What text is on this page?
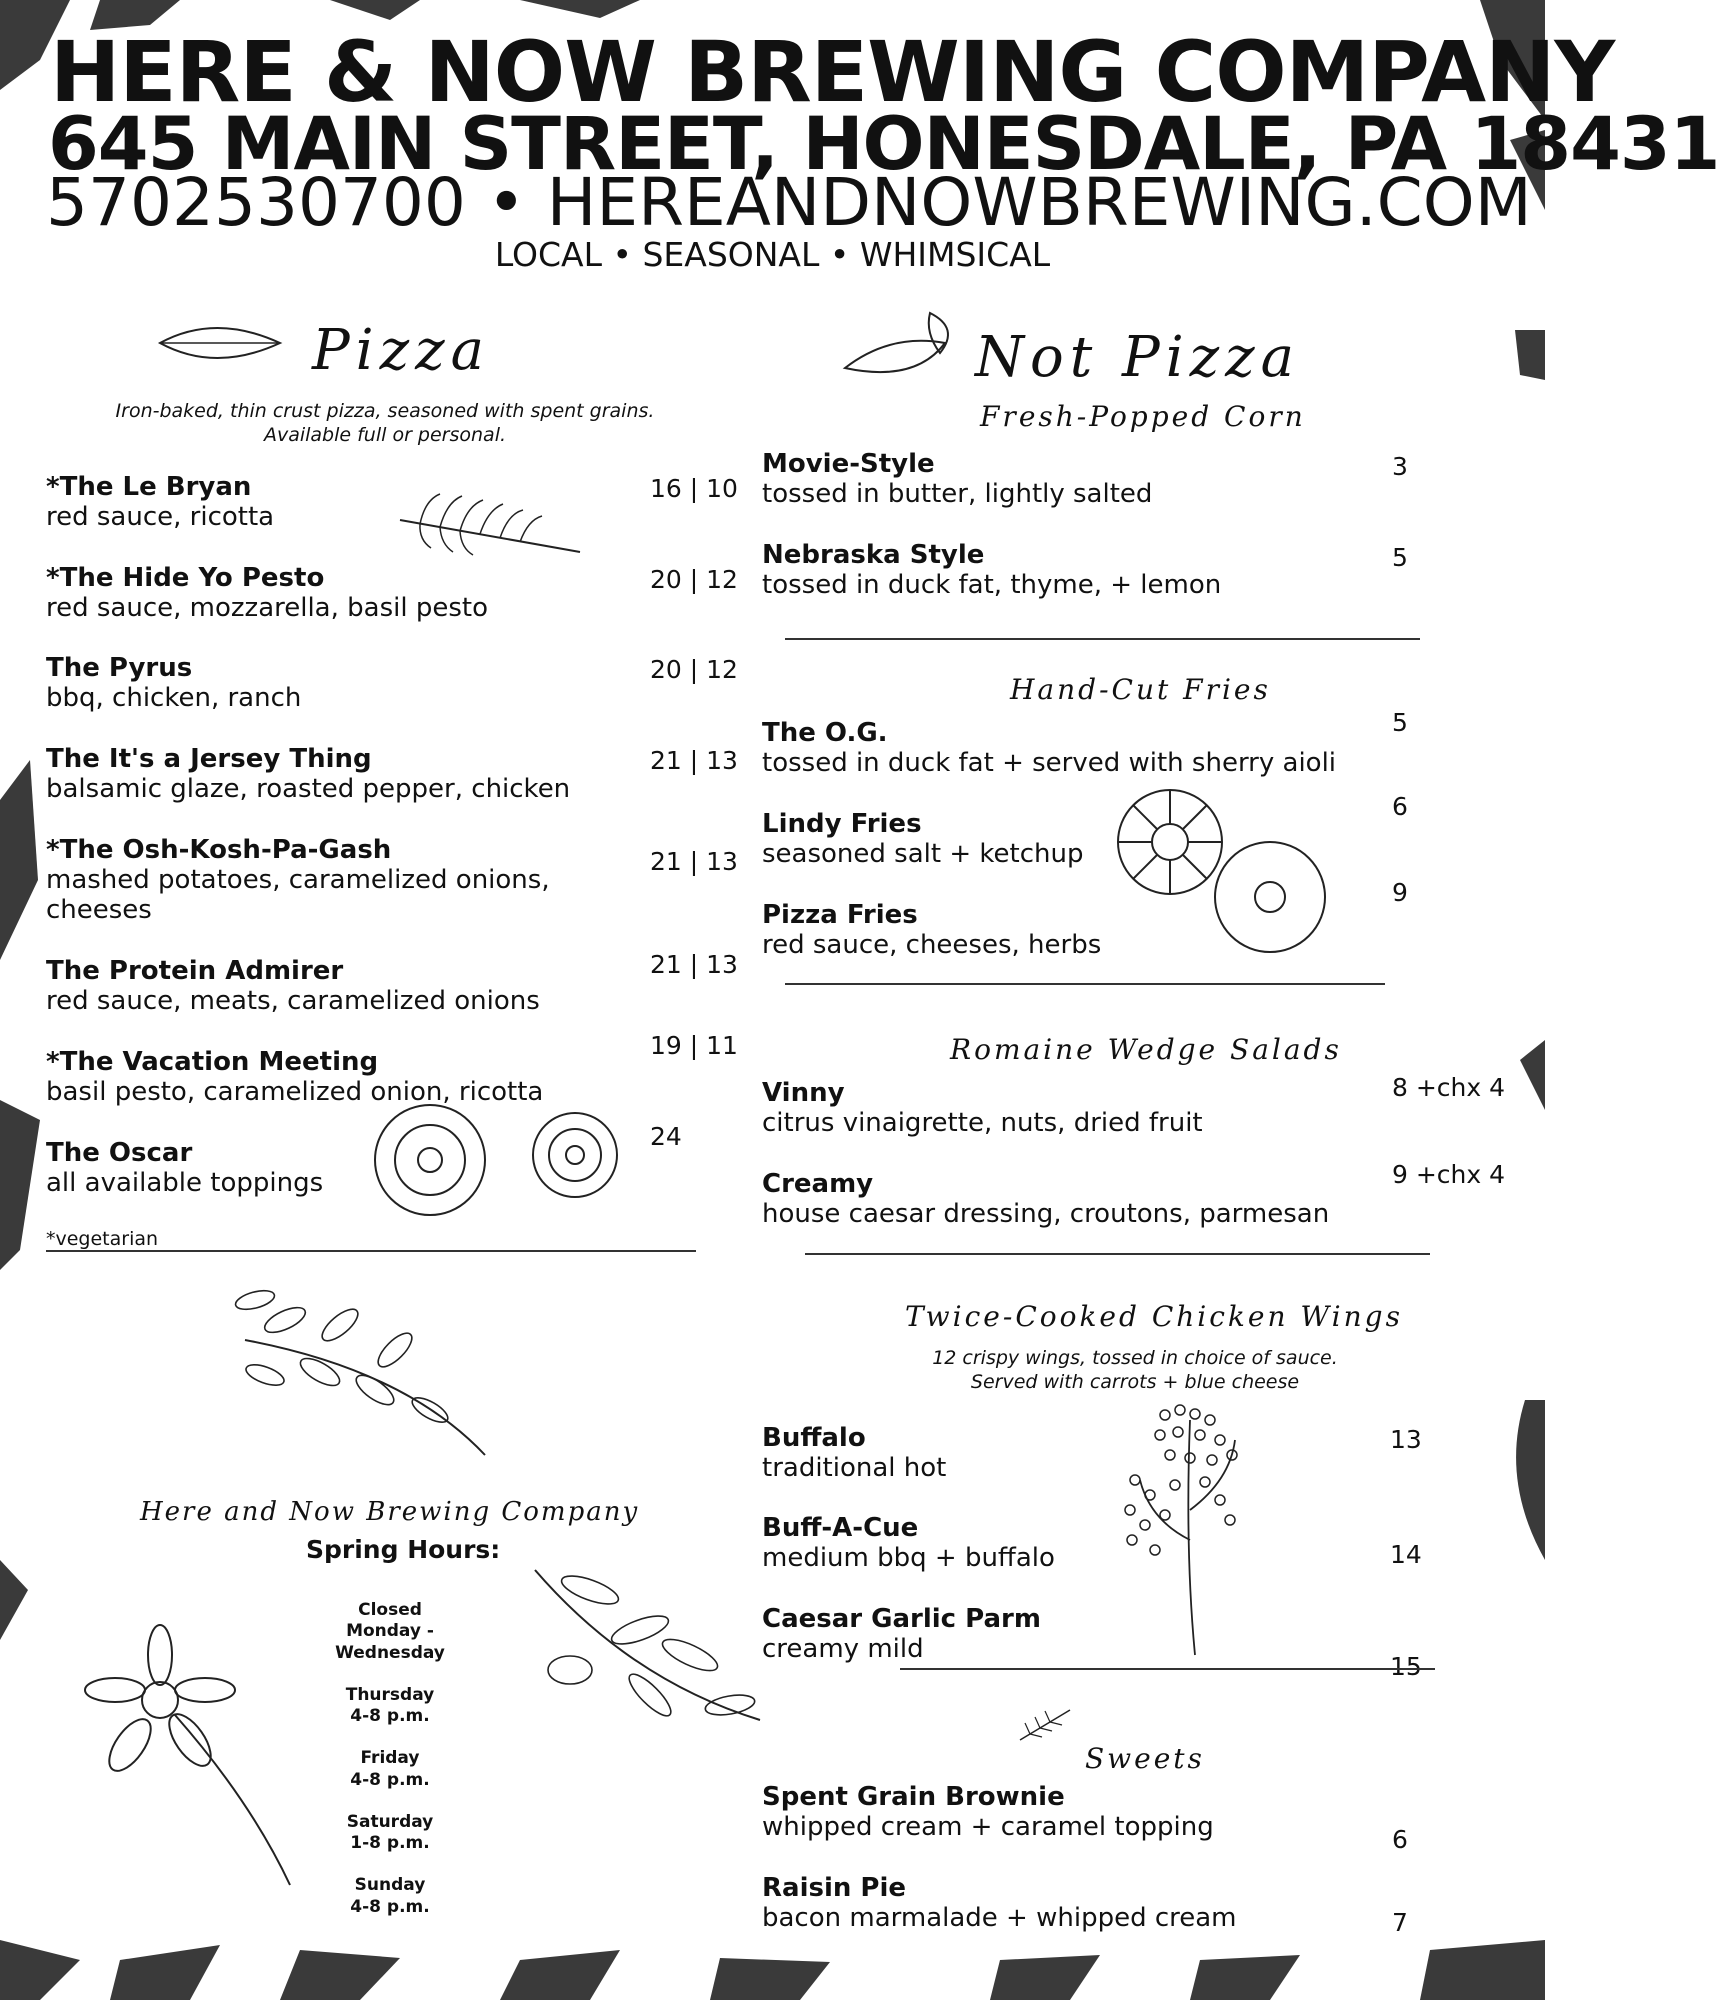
HERE & NOW BREWING COMPANY
645 MAIN STREET, HONESDALE, PA 18431
5702530700 • HEREANDNOWBREWING.COM
LOCAL • SEASONAL • WHIMSICAL
Pizza
Iron-baked, thin crust pizza, seasoned with spent grains.
Available full or personal.
*The Le Bryan
red sauce, ricotta
16 | 10
*The Hide Yo Pesto
red sauce, mozzarella, basil pesto
20 | 12
The Pyrus
bbq, chicken, ranch
20 | 12
The It's a Jersey Thing
balsamic glaze, roasted pepper, chicken
21 | 13
*The Osh-Kosh-Pa-Gash
mashed potatoes, caramelized onions, cheeses
21 | 13
The Protein Admirer
red sauce, meats, caramelized onions
21 | 13
*The Vacation Meeting
basil pesto, caramelized onion, ricotta
19 | 11
The Oscar
all available toppings
24
*vegetarian
Here and Now Brewing Company
Spring Hours:
Closed
Monday - Wednesday
Thursday
4-8 p.m.
Friday
4-8 p.m.
Saturday
1-8 p.m.
Sunday
4-8 p.m.
Not Pizza
Fresh-Popped Corn
Movie-Style
tossed in butter, lightly salted
3
Nebraska Style
tossed in duck fat, thyme, + lemon
5
Hand-Cut Fries
The O.G.
tossed in duck fat + served with sherry aioli
5
Lindy Fries
seasoned salt + ketchup
6
Pizza Fries
red sauce, cheeses, herbs
9
Romaine Wedge Salads
Vinny
citrus vinaigrette, nuts, dried fruit
8 +chx 4
Creamy
house caesar dressing, croutons, parmesan
9 +chx 4
Twice-Cooked Chicken Wings
12 crispy wings, tossed in choice of sauce.
Served with carrots + blue cheese
Buffalo
traditional hot
13
Buff-A-Cue
medium bbq + buffalo	14
Caesar Garlic Parm
creamy mild
15
Sweets
Spent Grain Brownie
whipped cream + caramel topping	6
Raisin Pie
bacon marmalade + whipped cream	7
